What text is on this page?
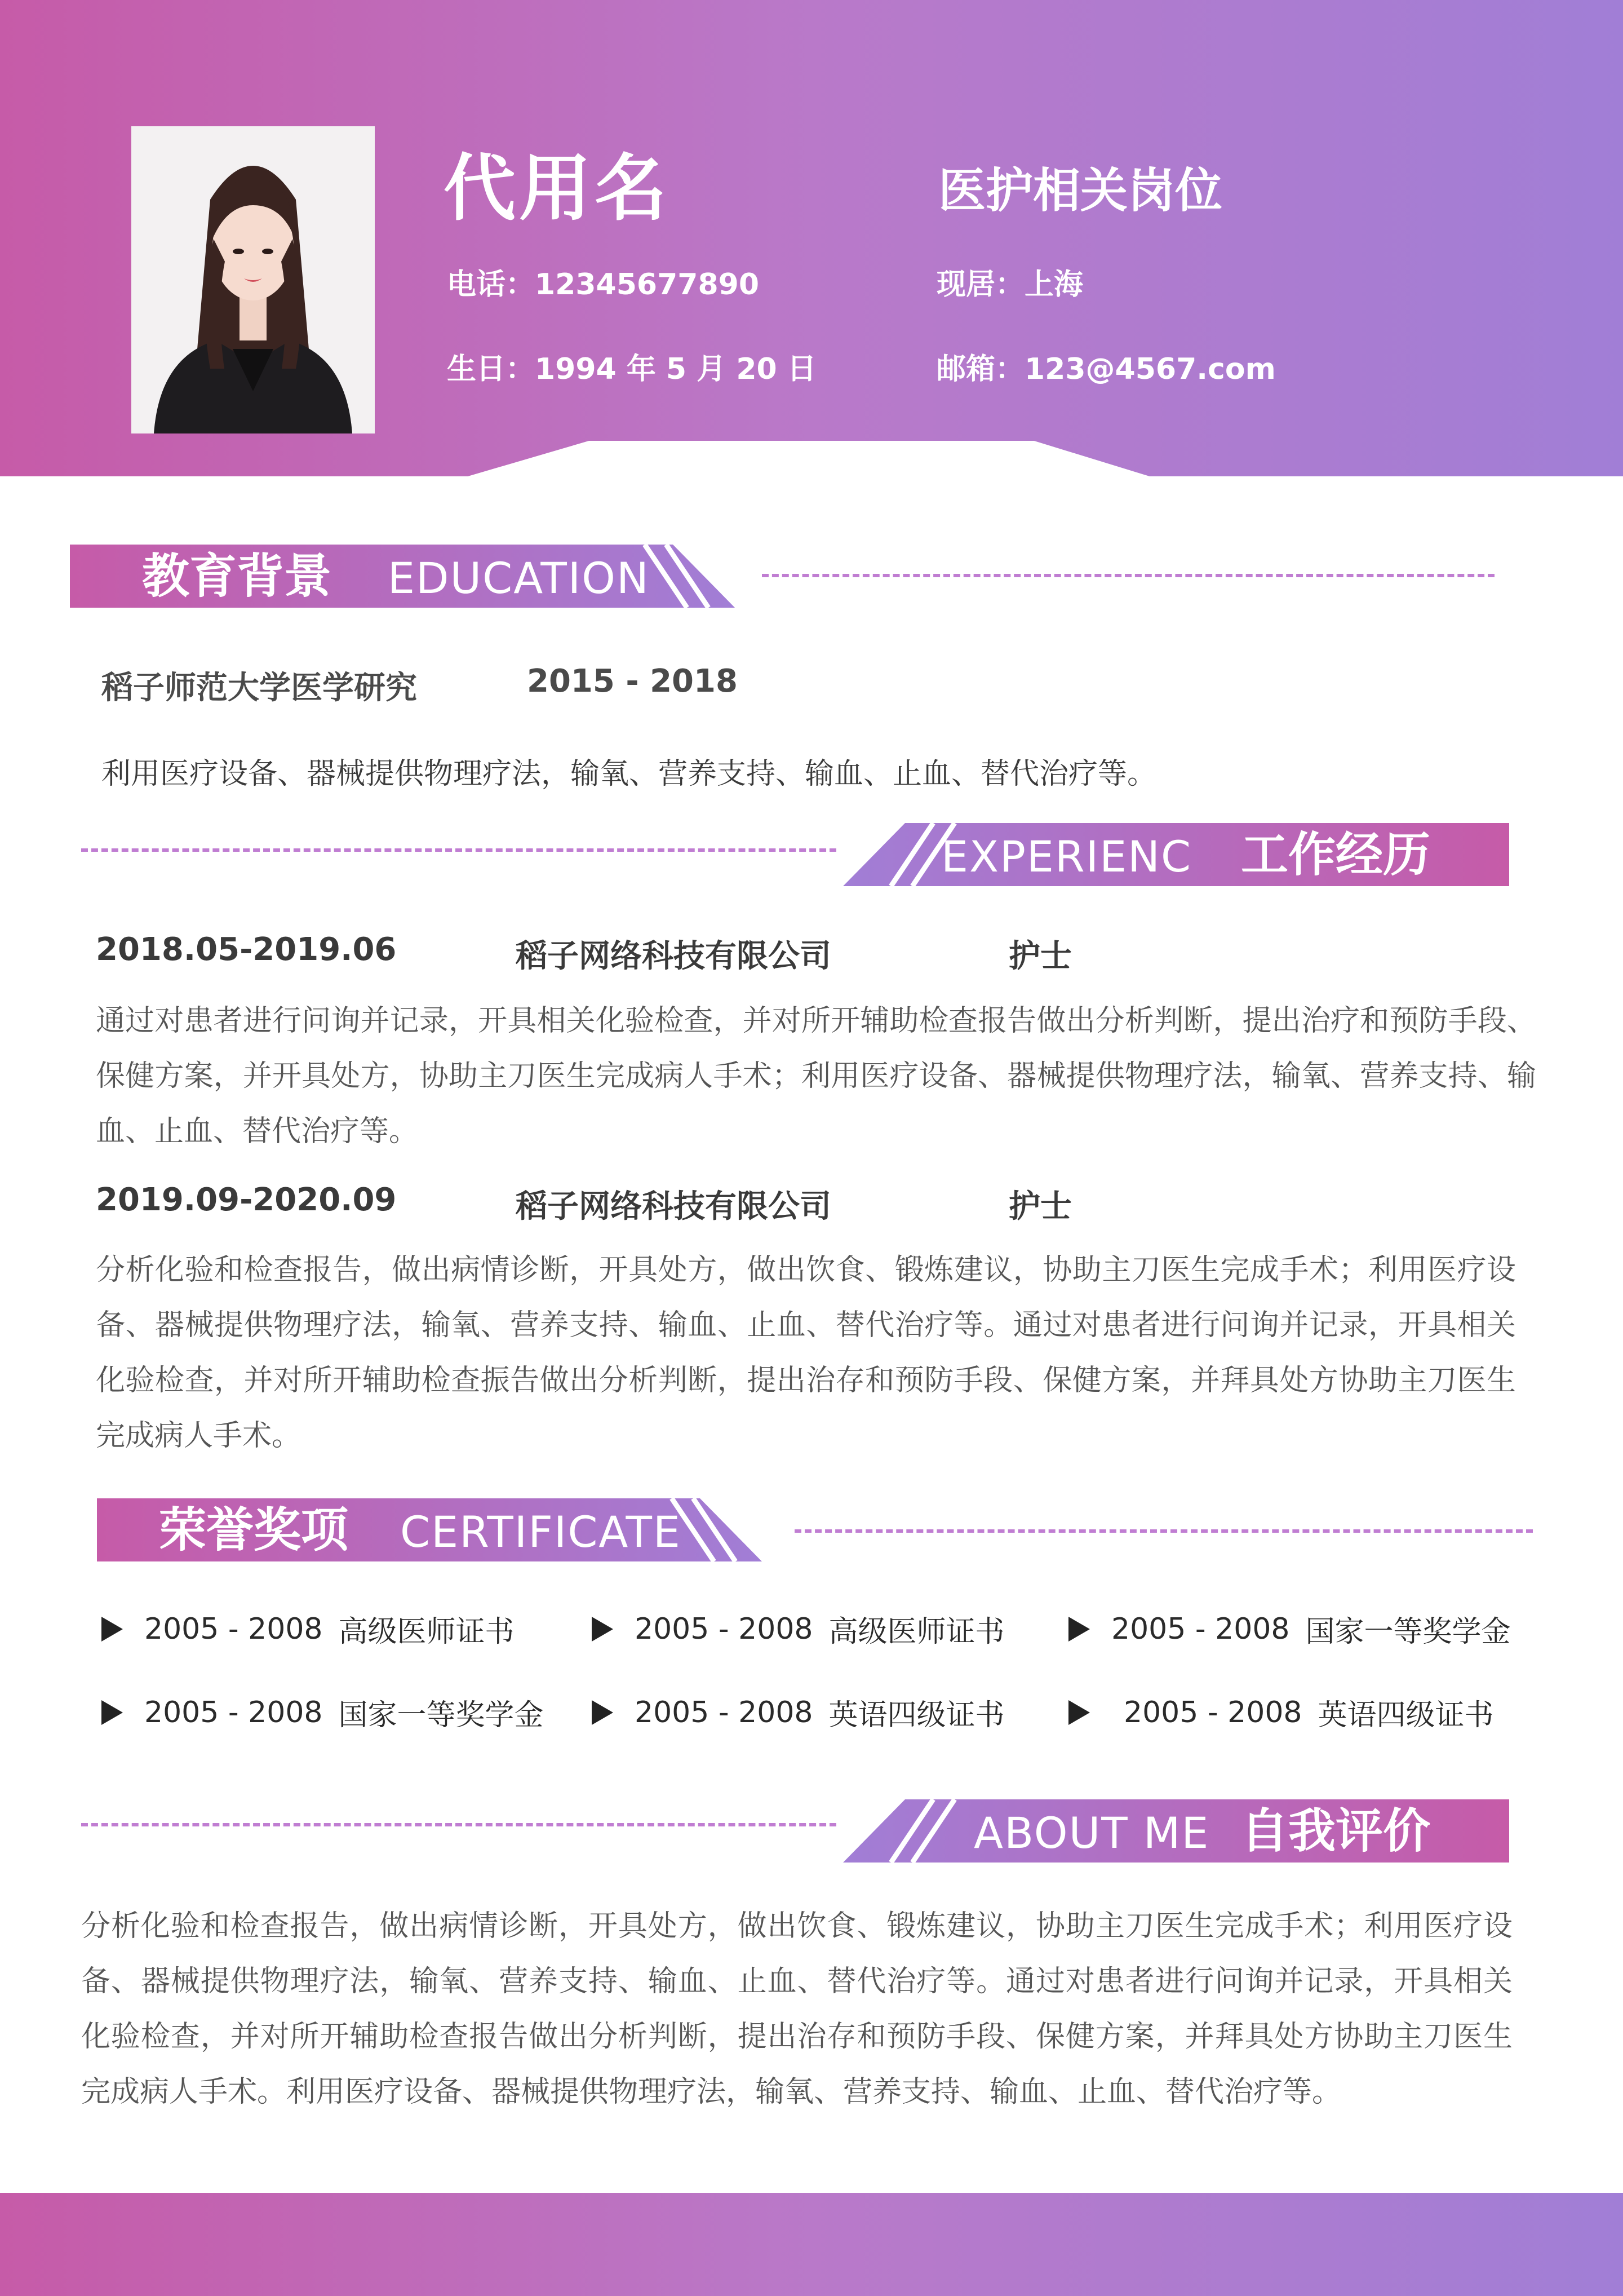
代用名	医护相关岗位
电话：12345677890
生日：1994 年 5 月 20 日
现居：上海
邮箱：123@4567.com
教育背景 EDUCATION
稻子师范大学医学研究	2015 - 2018
利用医疗设备、器械提供物理疗法，输氧、营养支持、输血、止血、替代治疗等。
EXPERIENC 工作经历
2018.05-2019.06	稻子网络科技有限公司	护士
通过对患者进行问询并记录，开具相关化验检查，并对所开辅助检查报告做出分析判断，提出治疗和预防手段、保健方案，并开具处方，协助主刀医生完成病人手术；利用医疗设备、器械提供物理疗法，输氧、营养支持、输血、止血、替代治疗等。
2019.09-2020.09	稻子网络科技有限公司	护士
分析化验和检查报告，做出病情诊断，开具处方，做出饮食、锻炼建议，协助主刀医生完成手术；利用医疗设备、器械提供物理疗法，输氧、营养支持、输血、止血、替代治疗等。通过对患者进行问询并记录，开具相关化验检查，并对所开辅助检查振告做出分析判断，提出治存和预防手段、保健方案，并拜具处方协助主刀医生完成病人手术。
荣誉奖项 CERTIFICATE
2005 - 2008 高级医师证书	2005 - 2008 高级医师证书	2005 - 2008 国家一等奖学金
2005 - 2008 国家一等奖学金	2005 - 2008 英语四级证书	2005 - 2008 英语四级证书
ABOUT ME 自我评价
分析化验和检查报告，做出病情诊断，开具处方，做出饮食、锻炼建议，协助主刀医生完成手术；利用医疗设备、器械提供物理疗法，输氧、营养支持、输血、止血、替代治疗等。通过对患者进行问询并记录，开具相关化验检查，并对所开辅助检查报告做出分析判断，提出治存和预防手段、保健方案，并拜具处方协助主刀医生完成病人手术。利用医疗设备、器械提供物理疗法，输氧、营养支持、输血、止血、替代治疗等。
